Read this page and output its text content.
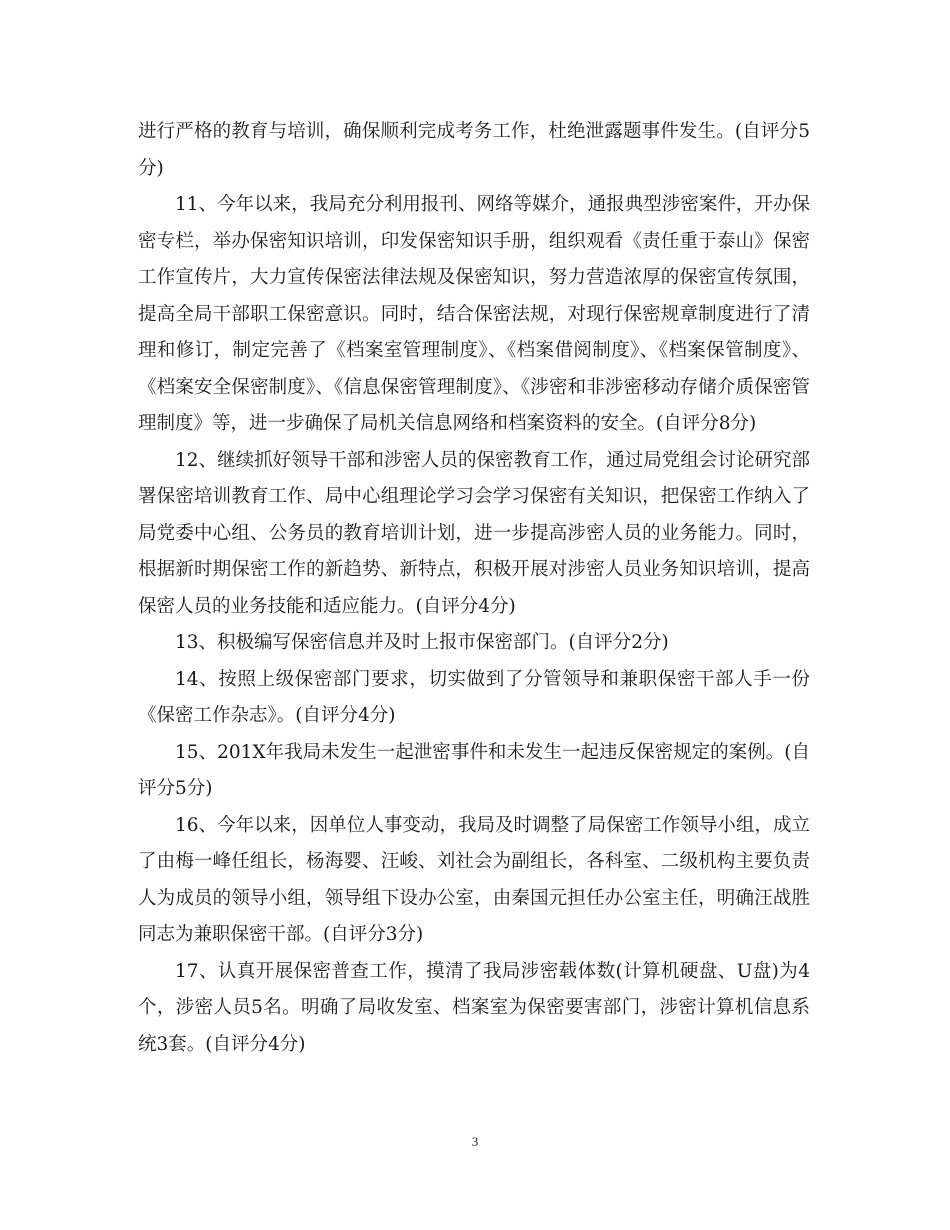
进行严格的教育与培训，确保顺利完成考务工作，杜绝泄露题事件发生。(自评分5分)

11、今年以来，我局充分利用报刊、网络等媒介，通报典型涉密案件，开办保密专栏，举办保密知识培训，印发保密知识手册，组织观看《责任重于泰山》保密工作宣传片，大力宣传保密法律法规及保密知识，努力营造浓厚的保密宣传氛围，提高全局干部职工保密意识。同时，结合保密法规，对现行保密规章制度进行了清理和修订，制定完善了《档案室管理制度》、《档案借阅制度》、《档案保管制度》、《档案安全保密制度》、《信息保密管理制度》、《涉密和非涉密移动存储介质保密管理制度》等，进一步确保了局机关信息网络和档案资料的安全。(自评分8分)

12、继续抓好领导干部和涉密人员的保密教育工作，通过局党组会讨论研究部署保密培训教育工作、局中心组理论学习会学习保密有关知识，把保密工作纳入了局党委中心组、公务员的教育培训计划，进一步提高涉密人员的业务能力。同时，根据新时期保密工作的新趋势、新特点，积极开展对涉密人员业务知识培训，提高保密人员的业务技能和适应能力。(自评分4分)

13、积极编写保密信息并及时上报市保密部门。(自评分2分)

14、按照上级保密部门要求，切实做到了分管领导和兼职保密干部人手一份《保密工作杂志》。(自评分4分)

15、201X年我局未发生一起泄密事件和未发生一起违反保密规定的案例。(自评分5分)

16、今年以来，因单位人事变动，我局及时调整了局保密工作领导小组，成立了由梅一峰任组长，杨海婴、汪峻、刘社会为副组长，各科室、二级机构主要负责人为成员的领导小组，领导组下设办公室，由秦国元担任办公室主任，明确汪战胜同志为兼职保密干部。(自评分3分)

17、认真开展保密普查工作，摸清了我局涉密载体数(计算机硬盘、U盘)为4个，涉密人员5名。明确了局收发室、档案室为保密要害部门，涉密计算机信息系统3套。(自评分4分)

3
